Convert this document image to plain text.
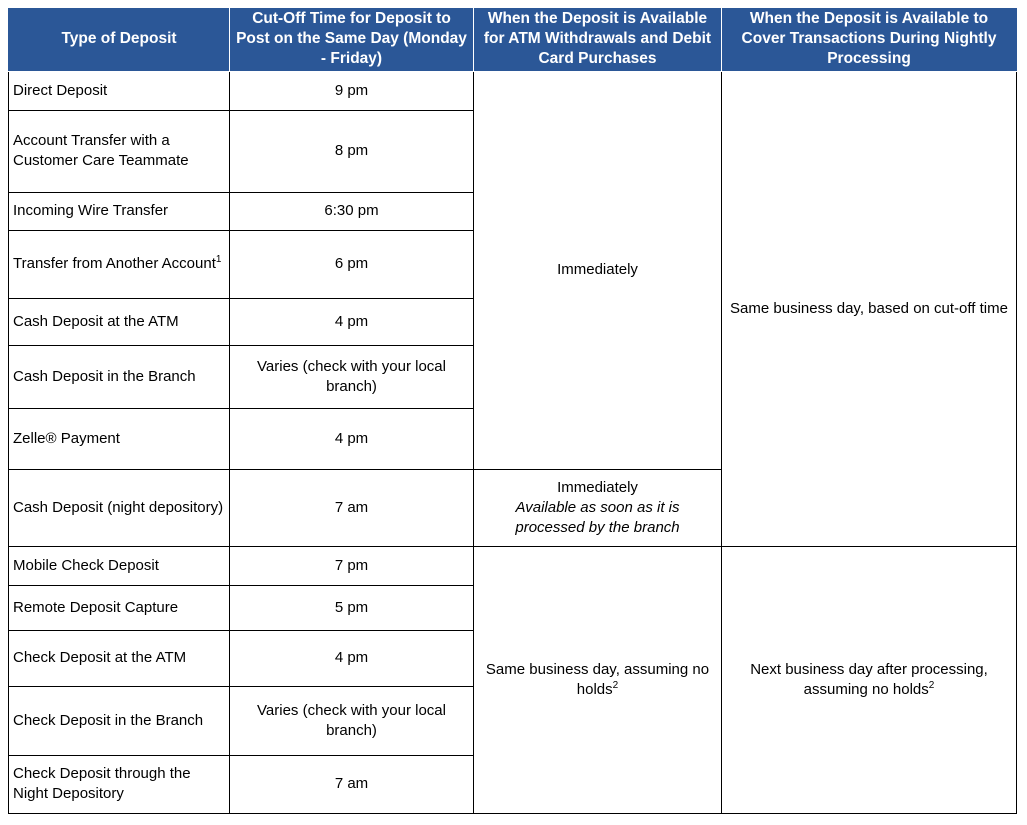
Type of Deposit	Cut-Off Time for Deposit to Post on the Same Day (Monday - Friday)	When the Deposit is Available for ATM Withdrawals and Debit Card Purchases	When the Deposit is Available to Cover Transactions During Nightly Processing
Direct Deposit	9 pm	Immediately	Same business day, based on cut-off time
Account Transfer with a Customer Care Teammate	8 pm		
Incoming Wire Transfer	6:30 pm		
Transfer from Another Account$^1$	6 pm		
Cash Deposit at the ATM	4 pm		
Cash Deposit in the Branch	Varies (check with your local branch)		
Zelle® Payment	4 pm		
Cash Deposit (night depository)	7 am	Immediately
Available as soon as it is processed by the branch	

Mobile Check Deposit	7 pm	Same business day, assuming no holds$^2$	Next business day after processing, assuming no holds$^2$
Remote Deposit Capture	5 pm		
Check Deposit at the ATM	4 pm		
Check Deposit in the Branch	Varies (check with your local branch)		
Check Deposit through the Night Depository	7 am		
